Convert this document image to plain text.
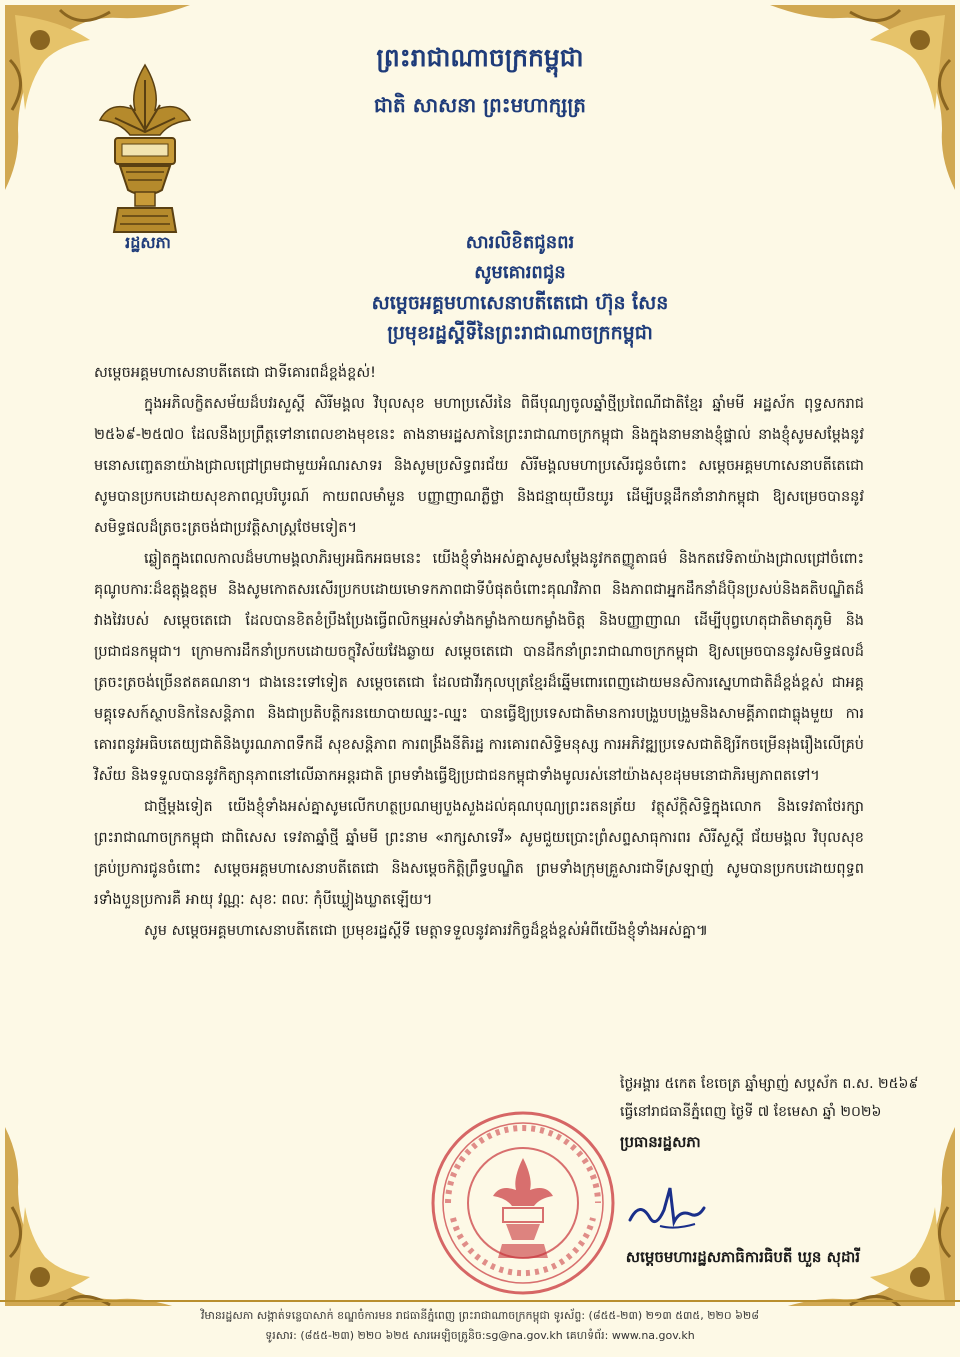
ព្រះរាជាណាចក្រកម្ពុជា
ជាតិ សាសនា ព្រះមហាក្សត្រ
រដ្ឋសភា	សារលិខិតជូនពរ
សូមគោរពជូន
សម្តេចអគ្គមហាសេនាបតីតេជោ ហ៊ុន សែន
ប្រមុខរដ្ឋស្តីទីនៃព្រះរាជាណាចក្រកម្ពុជា

សម្តេចអគ្គមហាសេនាបតីតេជោ ជាទីគោរពដ៏ខ្ពង់ខ្ពស់!

ក្នុងអភិលក្ខិតសម័យដ៏បវរសួស្តី សិរីមង្គល វិបុលសុខ មហាប្រសើរនៃ ពិធីបុណ្យចូលឆ្នាំថ្មីប្រពៃណីជាតិខ្មែរ ឆ្នាំមមី អដ្ឋស័ក ពុទ្ធសករាជ ២៥៦៩-២៥៧០ ដែលនឹងប្រព្រឹត្តទៅនាពេលខាងមុខនេះ តាងនាមរដ្ឋសភានៃព្រះរាជាណាចក្រកម្ពុជា និងក្នុងនាមនាងខ្ញុំផ្ទាល់ នាងខ្ញុំសូមសម្តែងនូវមនោសញ្ចេតនាយ៉ាងជ្រាលជ្រៅព្រមជាមួយអំណរសាទរ និងសូមប្រសិទ្ធពរជ័យ សិរីមង្គលមហាប្រសើរជូនចំពោះ សម្តេចអគ្គមហាសេនាបតីតេជោ សូមបានប្រកបដោយសុខភាពល្អបរិបូរណ៍ កាយពលមាំមួន បញ្ញាញាណភ្លឺថ្លា និងជន្មាយុយឺនយូរ ដើម្បីបន្តដឹកនាំនាវាកម្ពុជា ឱ្យសម្រេចបាននូវសមិទ្ធផលដ៏ត្រចះត្រចង់ជាប្រវត្តិសាស្ត្រថែមទៀត។

ឆ្លៀតក្នុងពេលកាលដ៏មហាមង្គលាភិរម្យអធិកអធមនេះ យើងខ្ញុំទាំងអស់គ្នាសូមសម្តែងនូវកតញ្ញូតាធម៌ និងកតវេទិតាយ៉ាងជ្រាលជ្រៅចំពោះគុណូបការៈដ៏ឧត្តុង្គឧត្តម និងសូមកោតសរសើរប្រកបដោយមោទកភាពជាទីបំផុតចំពោះគុណវិភាព និងភាពជាអ្នកដឹកនាំដ៏ប៉ិនប្រសប់និងគតិបណ្ឌិតដ៏វាងវៃរបស់ សម្តេចតេជោ ដែលបានខិតខំប្រឹងប្រែងធ្វើពលិកម្មអស់ទាំងកម្លាំងកាយកម្លាំងចិត្ត និងបញ្ញាញាណ ដើម្បីបុព្វហេតុជាតិមាតុភូមិ និងប្រជាជនកម្ពុជា។ ក្រោមការដឹកនាំប្រកបដោយចក្ខុវិស័យវែងឆ្ងាយ សម្តេចតេជោ បានដឹកនាំព្រះរាជាណាចក្រកម្ពុជា ឱ្យសម្រេចបាននូវសមិទ្ធផលដ៏ត្រចះត្រចង់ច្រើនឥតគណនា។ ជាងនេះទៅទៀត សម្តេចតេជោ ដែលជាវីរកុលបុត្រខ្មែរដ៏ឆ្នើមពោរពេញដោយមនសិការស្នេហាជាតិដ៏ខ្ពង់ខ្ពស់ ជាអគ្គមគ្គុទេសក៍ស្ថាបនិកនៃសន្តិភាព និងជាប្រតិបត្តិករនយោបាយឈ្នះ-ឈ្នះ បានធ្វើឱ្យប្រទេសជាតិមានការបង្រួបបង្រួមនិងសាមគ្គីភាពជាធ្លុងមួយ ការគោរពនូវអធិបតេយ្យជាតិនិងបូរណភាពទឹកដី សុខសន្តិភាព ការពង្រឹងនីតិរដ្ឋ ការគោរពសិទ្ធិមនុស្ស ការអភិវឌ្ឍប្រទេសជាតិឱ្យរីកចម្រើនរុងរឿងលើគ្រប់វិស័យ និងទទួលបាននូវកិត្យានុភាពនៅលើឆាកអន្តរជាតិ ព្រមទាំងធ្វើឱ្យប្រជាជនកម្ពុជាទាំងមូលរស់នៅយ៉ាងសុខដុមមនោជាភិរម្យភាពតទៅ។

ជាថ្មីម្តងទៀត យើងខ្ញុំទាំងអស់គ្នាសូមលើកហត្ថប្រណម្យបួងសួងដល់គុណបុណ្យព្រះរតនត្រ័យ វត្ថុស័ក្តិសិទ្ធិក្នុងលោក និងទេវតាថែរក្សាព្រះរាជាណាចក្រកម្ពុជា ជាពិសេស ទេវតាឆ្នាំថ្មី ឆ្នាំមមី ព្រះនាម «រាក្សសាទេវី» សូមជួយប្រោះព្រំសព្ទសាធុការពរ សិរីសួស្តី ជ័យមង្គល វិបុលសុខគ្រប់ប្រការជូនចំពោះ សម្តេចអគ្គមហាសេនាបតីតេជោ និងសម្តេចកិត្តិព្រឹទ្ធបណ្ឌិត ព្រមទាំងក្រុមគ្រួសារជាទីស្រឡាញ់ សូមបានប្រកបដោយពុទ្ធពរទាំងបួនប្រការគឺ អាយុ វណ្ណៈ សុខៈ ពលៈ កុំបីឃ្លៀងឃ្លាតឡើយ។

សូម សម្តេចអគ្គមហាសេនាបតីតេជោ ប្រមុខរដ្ឋស្តីទី មេត្តាទទួលនូវគារវកិច្ចដ៏ខ្ពង់ខ្ពស់អំពីយើងខ្ញុំទាំងអស់គ្នា៕

ថ្ងៃអង្គារ ៥កេត ខែចេត្រ ឆ្នាំម្សាញ់ សប្តស័ក ព.ស. ២៥៦៩
ធ្វើនៅរាជធានីភ្នំពេញ ថ្ងៃទី ៧ ខែមេសា ឆ្នាំ ២០២៦
ប្រធានរដ្ឋសភា
សម្តេចមហារដ្ឋសភាធិការធិបតី ឃួន សុដារី
វិមានរដ្ឋសភា សង្កាត់ទន្លេបាសាក់ ខណ្ឌចំការមន រាជធានីភ្នំពេញ ព្រះរាជាណាចក្រកម្ពុជា ទូរស័ព្ទ: (៨៥៥-២៣) ២១៣ ៥៣៥, ២២០ ៦២៨
ទូរសារ: (៨៥៥-២៣) ២២០ ៦២៥ សារអេឡិចត្រូនិច:sg@na.gov.kh គេហទំព័រ: www.na.gov.kh
